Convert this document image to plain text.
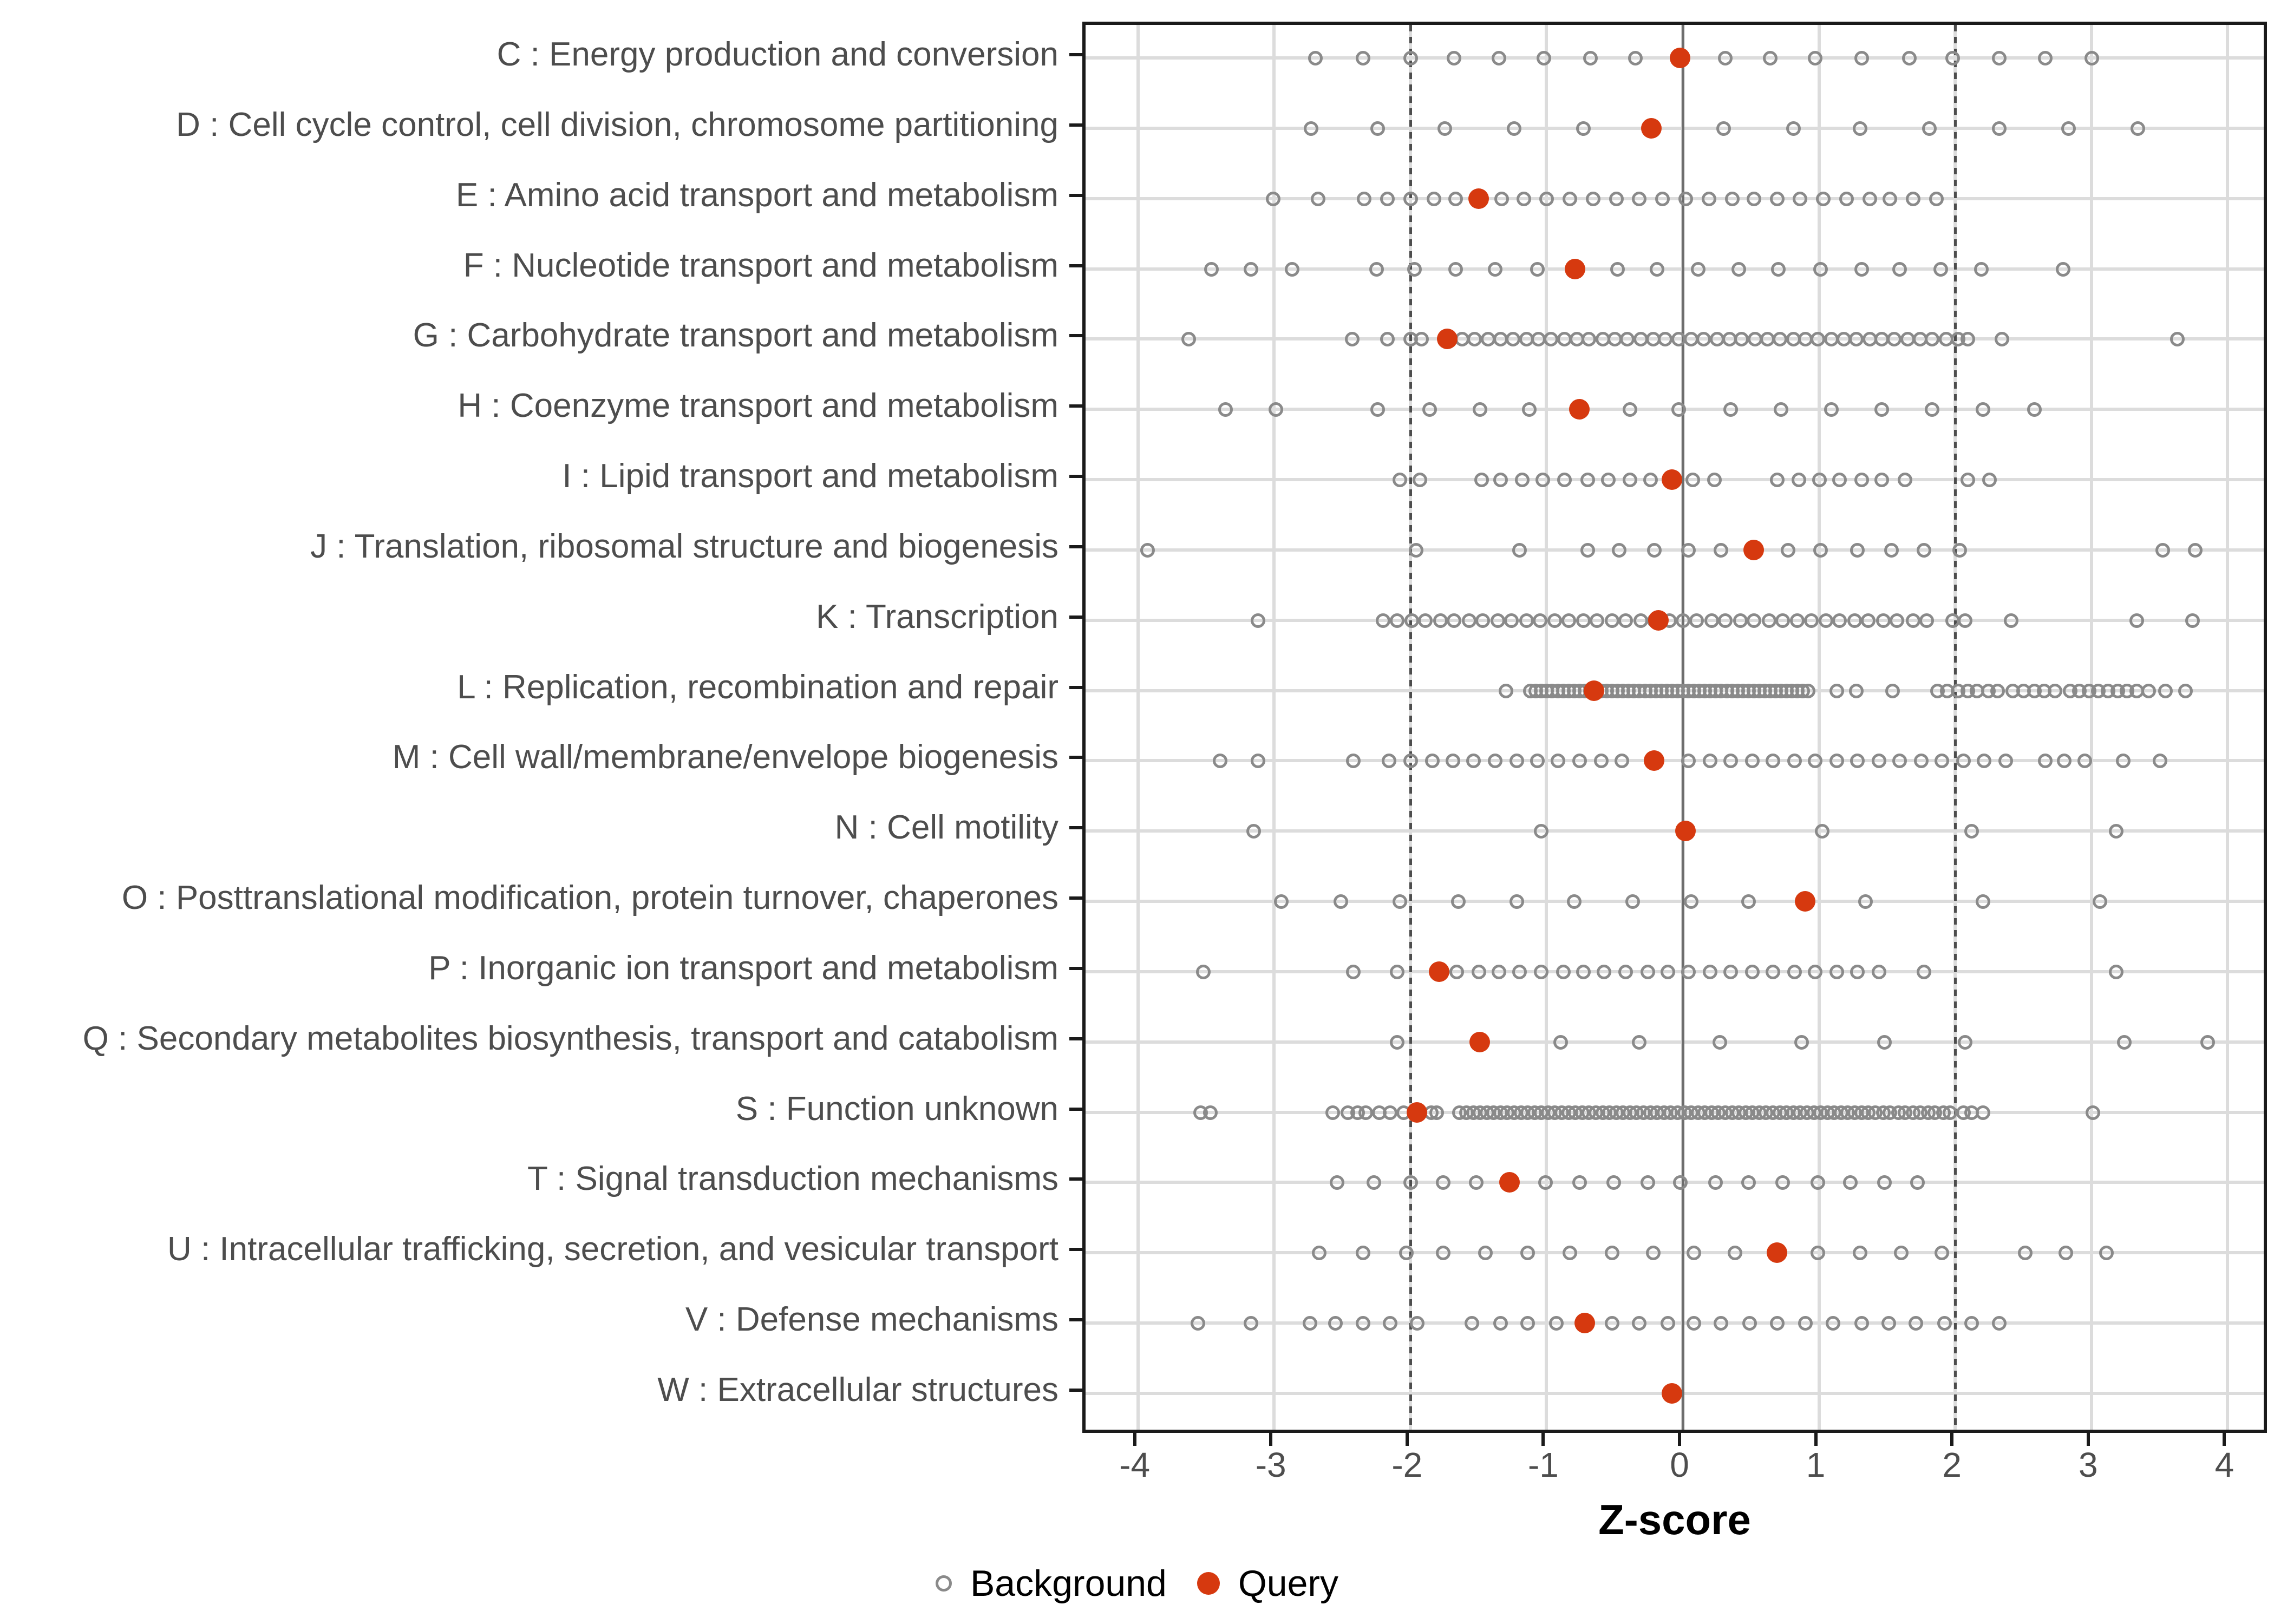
C : Energy production and conversion
D : Cell cycle control, cell division, chromosome partitioning
E : Amino acid transport and metabolism
F : Nucleotide transport and metabolism
G : Carbohydrate transport and metabolism
H : Coenzyme transport and metabolism
I : Lipid transport and metabolism
J : Translation, ribosomal structure and biogenesis
K : Transcription
L : Replication, recombination and repair
M : Cell wall/membrane/envelope biogenesis
N : Cell motility
O : Posttranslational modification, protein turnover, chaperones
P : Inorganic ion transport and metabolism
Q : Secondary metabolites biosynthesis, transport and catabolism
S : Function unknown
T : Signal transduction mechanisms
U : Intracellular trafficking, secretion, and vesicular transport
V : Defense mechanisms
W : Extracellular structures
-4	-3	-2	-1	0	1	2	3	4
Z-score
Background Query
